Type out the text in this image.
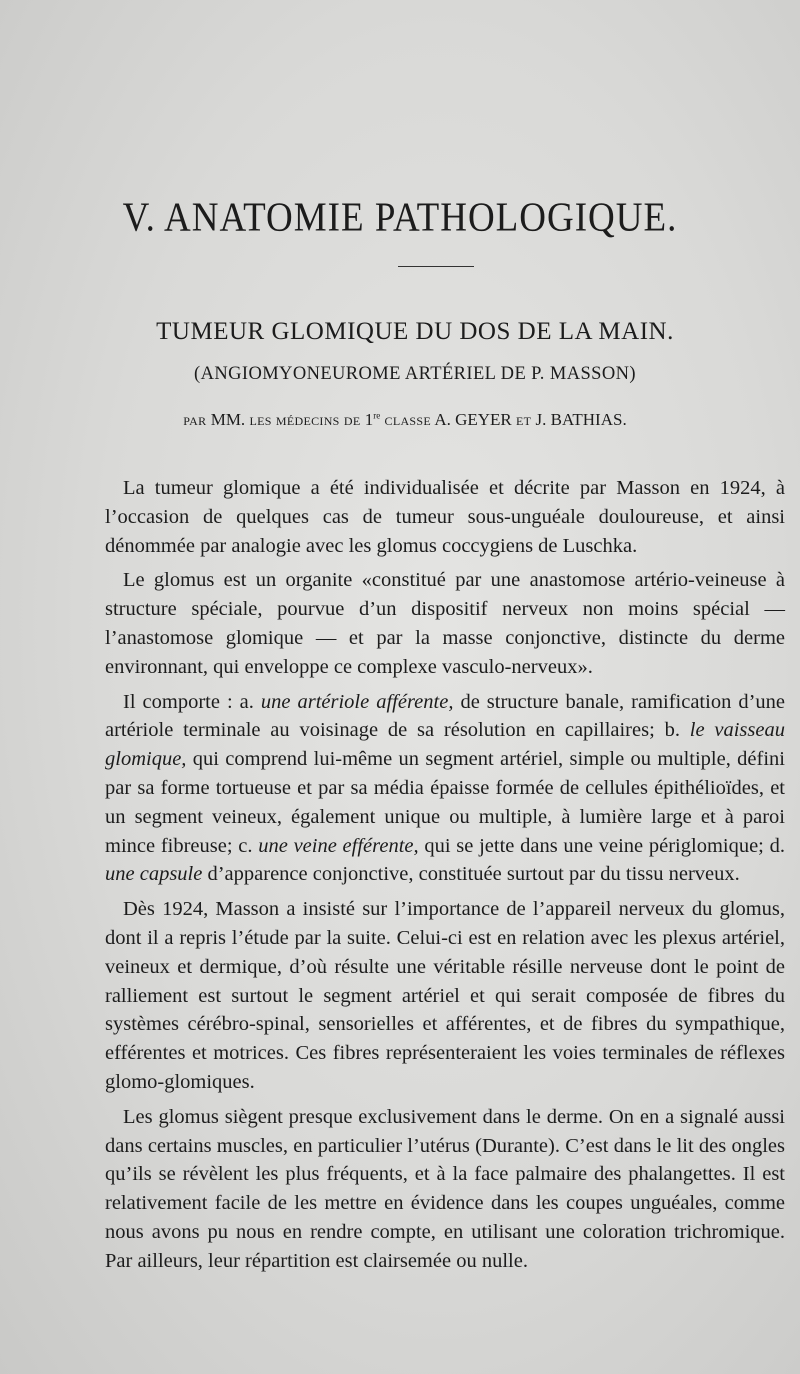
V. ANATOMIE PATHOLOGIQUE.
TUMEUR GLOMIQUE DU DOS DE LA MAIN.
(ANGIOMYONEUROME ARTÉRIEL DE P. MASSON)
PAR MM. LES MÉDECINS DE 1re CLASSE A. GEYER ET J. BATHIAS.

La tumeur glomique a été individualisée et décrite par Masson en 1924, à l’occasion de quelques cas de tumeur sous-unguéale douloureuse, et ainsi dénommée par analogie avec les glomus coccygiens de Luschka.

Le glomus est un organite «constitué par une anastomose artério-veineuse à structure spéciale, pourvue d’un dispositif nerveux non moins spécial — l’anastomose glomique — et par la masse conjonctive, distincte du derme environnant, qui enveloppe ce complexe vasculo-nerveux».

Il comporte : a. une artériole afférente, de structure banale, ramification d’une artériole terminale au voisinage de sa résolution en capillaires; b. le vaisseau glomique, qui comprend lui-même un segment artériel, simple ou multiple, défini par sa forme tortueuse et par sa média épaisse formée de cellules épithélioïdes, et un segment veineux, également unique ou multiple, à lumière large et à paroi mince fibreuse; c. une veine efférente, qui se jette dans une veine périglomique; d. une capsule d’apparence conjonctive, constituée surtout par du tissu nerveux.

Dès 1924, Masson a insisté sur l’importance de l’appareil nerveux du glomus, dont il a repris l’étude par la suite. Celui-ci est en relation avec les plexus artériel, veineux et dermique, d’où résulte une véritable résille nerveuse dont le point de ralliement est surtout le segment artériel et qui serait composée de fibres du systèmes cérébro-spinal, sensorielles et afférentes, et de fibres du sympathique, efférentes et motrices. Ces fibres représenteraient les voies terminales de réflexes glomo-glomiques.

Les glomus siègent presque exclusivement dans le derme. On en a signalé aussi dans certains muscles, en particulier l’utérus (Durante). C’est dans le lit des ongles qu’ils se révèlent les plus fréquents, et à la face palmaire des phalangettes. Il est relativement facile de les mettre en évidence dans les coupes unguéales, comme nous avons pu nous en rendre compte, en utilisant une coloration trichromique. Par ailleurs, leur répartition est clairsemée ou nulle.
